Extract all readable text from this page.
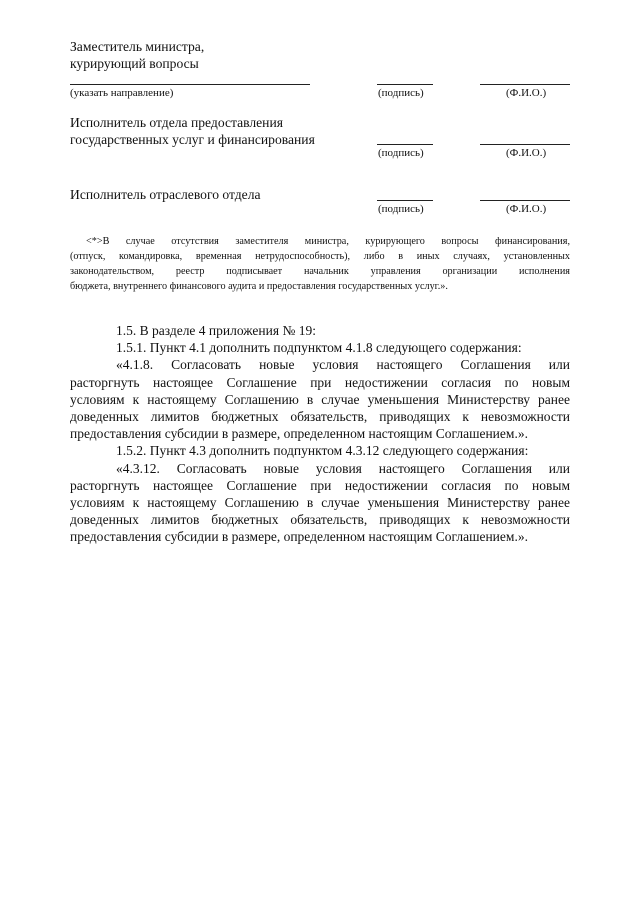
Заместитель министра,
курирующий вопросы
(указать направление)	(подпись)	(Ф.И.О.)
Исполнитель отдела предоставления
государственных услуг и финансирования
(подпись)	(Ф.И.О.)
Исполнитель отраслевого отдела
(подпись)	(Ф.И.О.)
<*>В случае отсутствия заместителя министра, курирующего вопросы финансирования,
(отпуск, командировка, временная нетрудоспособность), либо в иных случаях, установленных
законодательством, реестр подписывает начальник управления организации исполнения
бюджета, внутреннего финансового аудита и предоставления государственных услуг.».
1.5. В разделе 4 приложения № 19:
1.5.1. Пункт 4.1 дополнить подпунктом 4.1.8 следующего содержания:
«4.1.8. Согласовать новые условия настоящего Соглашения или
расторгнуть настоящее Соглашение при недостижении согласия по новым
условиям к настоящему Соглашению в случае уменьшения Министерству ранее
доведенных лимитов бюджетных обязательств, приводящих к невозможности
предоставления субсидии в размере, определенном настоящим Соглашением.».
1.5.2. Пункт 4.3 дополнить подпунктом 4.3.12 следующего содержания:
«4.3.12. Согласовать новые условия настоящего Соглашения или
расторгнуть настоящее Соглашение при недостижении согласия по новым
условиям к настоящему Соглашению в случае уменьшения Министерству ранее
доведенных лимитов бюджетных обязательств, приводящих к невозможности
предоставления субсидии в размере, определенном настоящим Соглашением.».
